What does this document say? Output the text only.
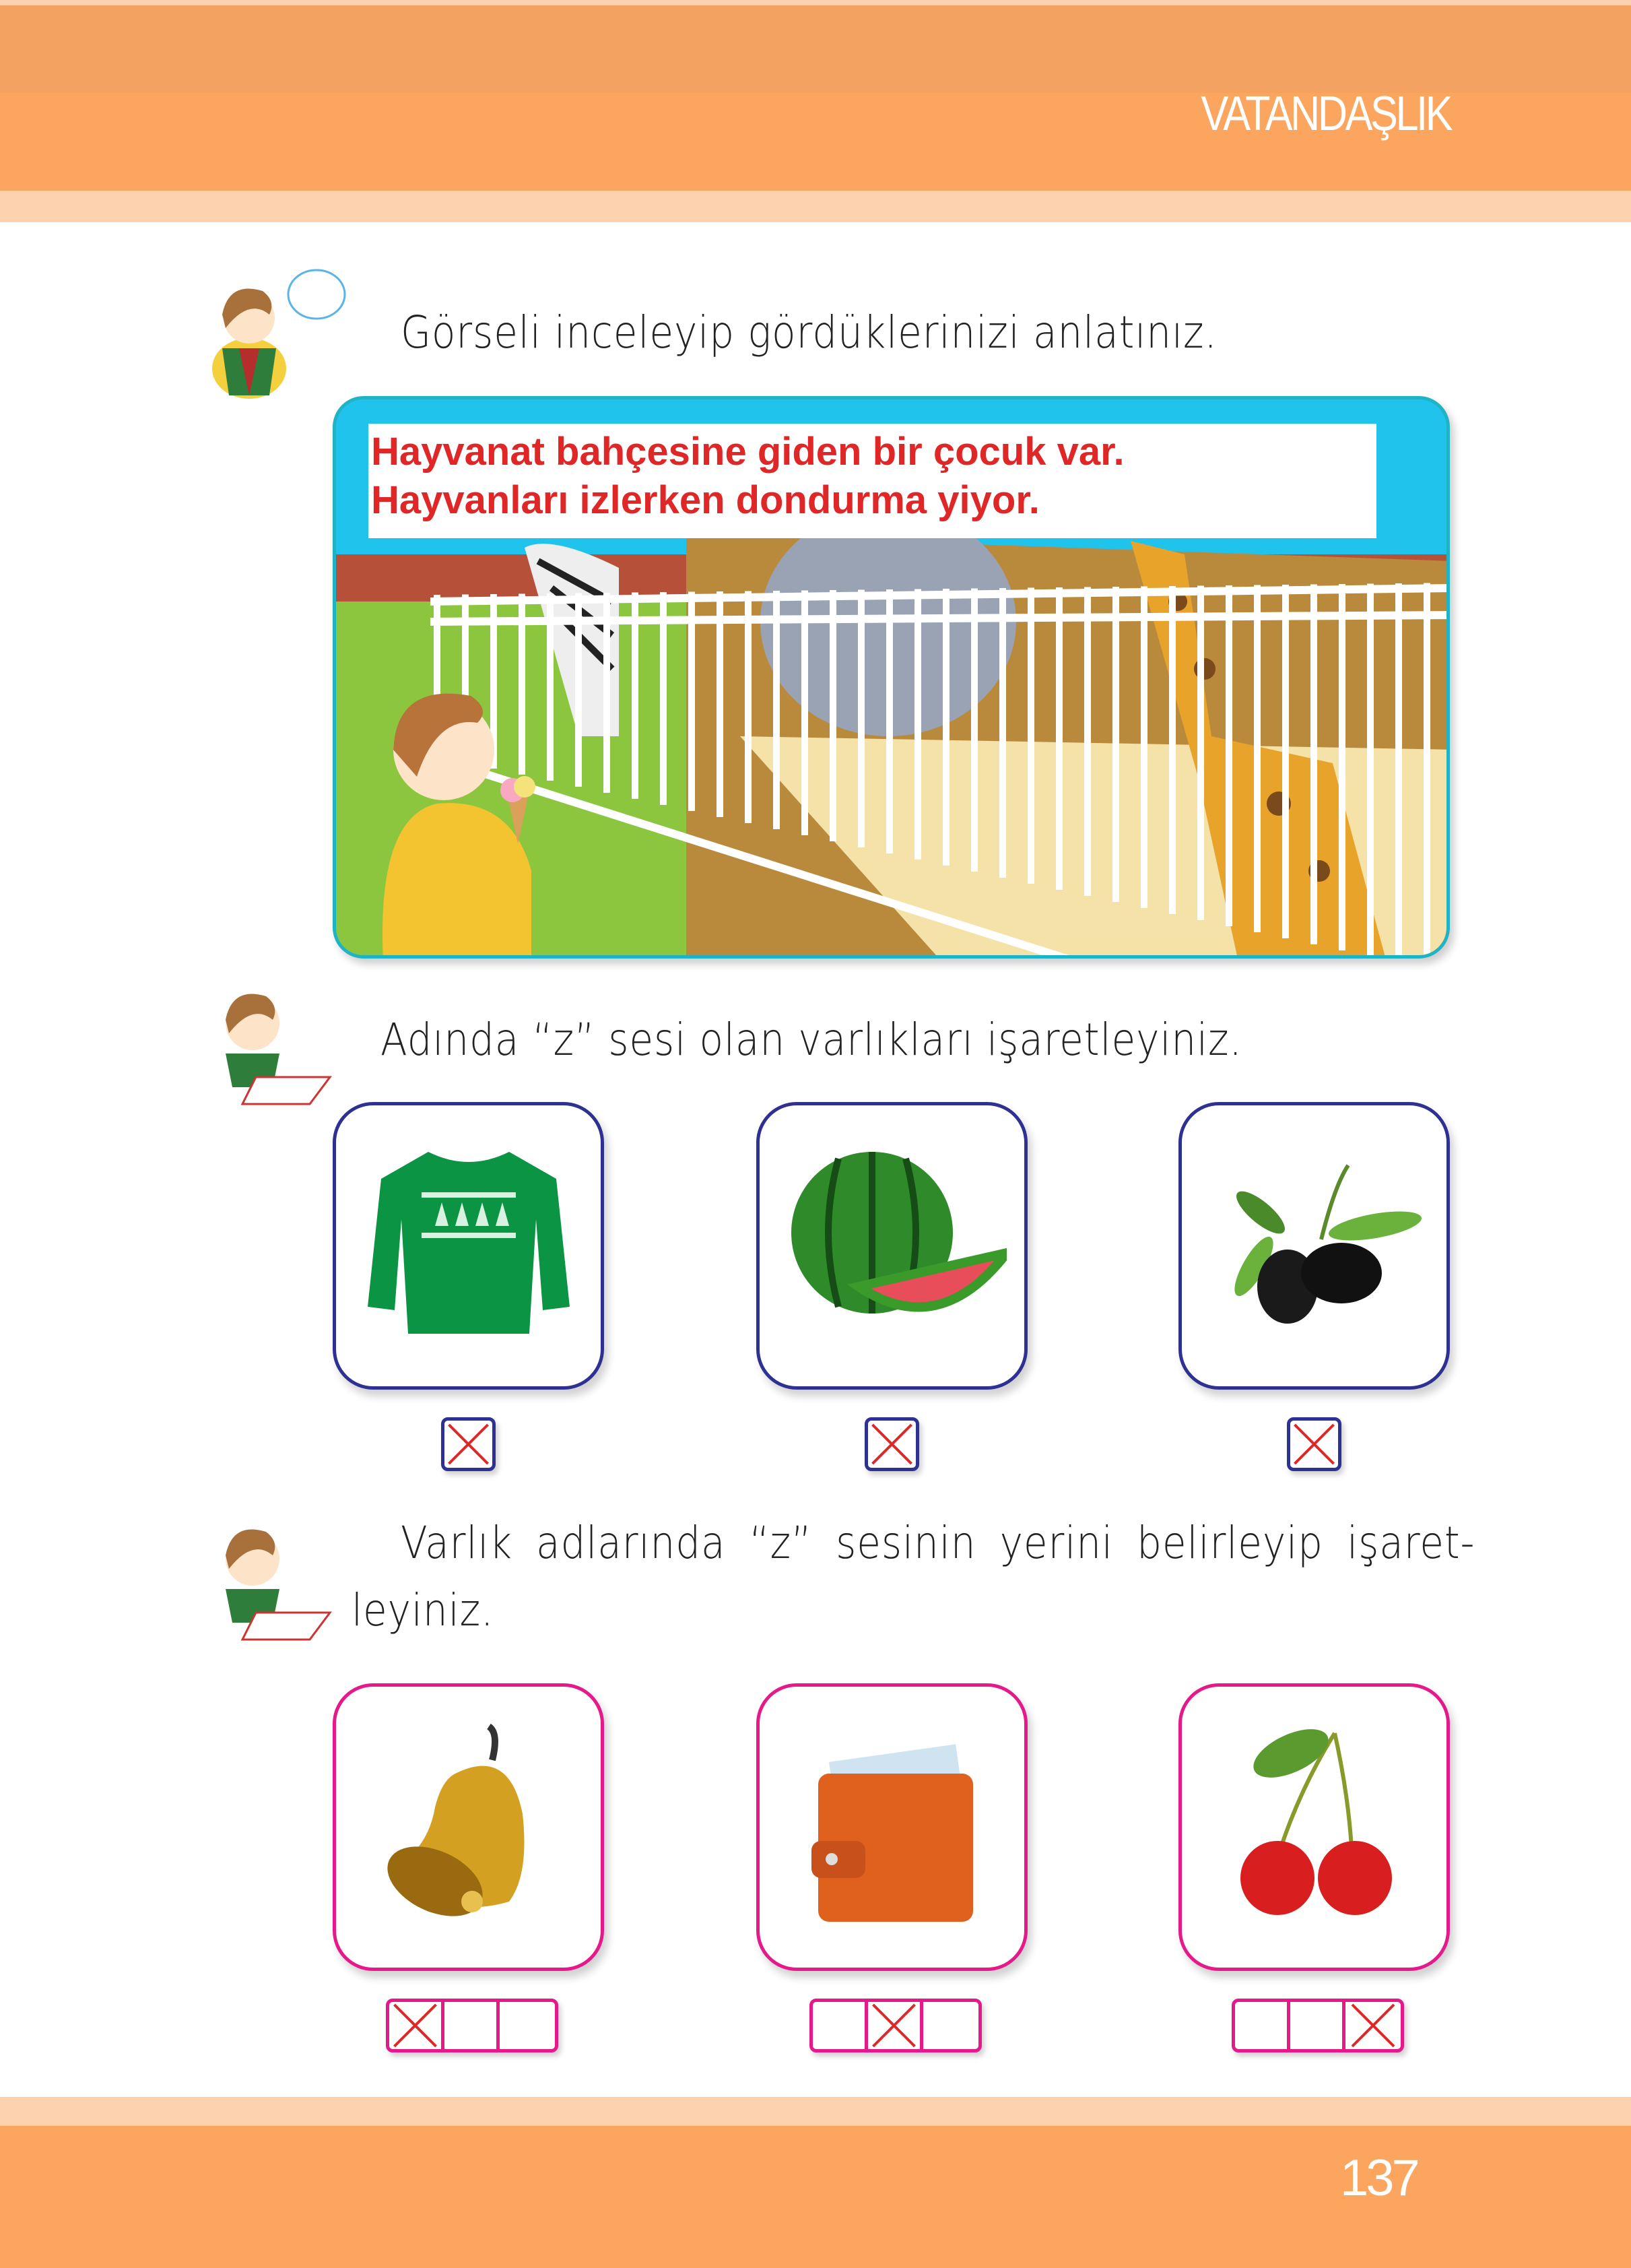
VATANDAŞLIK
Görseli inceleyip gördüklerinizi anlatınız.
Hayvanat bahçesine giden bir çocuk var.
Hayvanları izlerken dondurma yiyor.
Adında “z” sesi olan varlıkları işaretleyiniz.
Varlık adlarında “z” sesinin yerini belirleyip işaret-
leyiniz.
137
